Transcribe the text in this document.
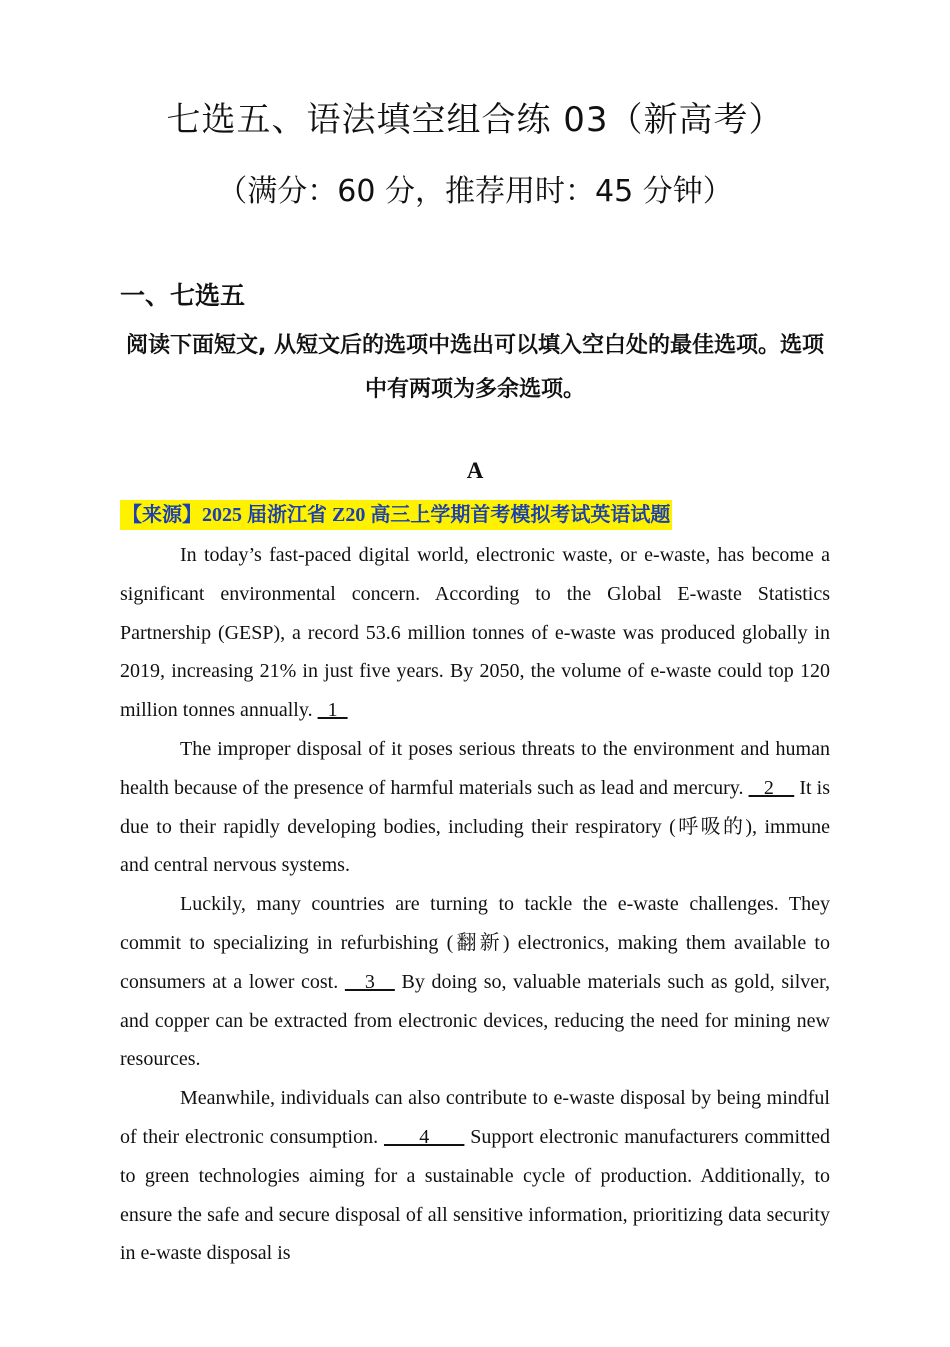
七选五、语法填空组合练 03（新高考）
（满分：60 分，推荐用时：45 分钟）
一、七选五
阅读下面短文, 从短文后的选项中选出可以填入空白处的最佳选项。选项中有两项为多余选项。
A
【来源】2025 届浙江省 Z20 高三上学期首考模拟考试英语试题

In today’s fast-paced digital world, electronic waste, or e-waste, has become a significant environmental concern. According to the Global E-waste Statistics Partnership (GESP), a record 53.6 million tonnes of e-waste was produced globally in 2019, increasing 21% in just five years. By 2050, the volume of e-waste could top 120 million tonnes annually.   1

The improper disposal of it poses serious threats to the environment and human health because of the presence of harmful materials such as lead and mercury.    2     It is due to their rapidly developing bodies, including their respiratory (呼吸的), immune and central nervous systems.

Luckily, many countries are turning to tackle the e-waste challenges. They commit to specializing in refurbishing (翻新) electronics, making them available to consumers at a lower cost.    3    By doing so, valuable materials such as gold, silver, and copper can be extracted from electronic devices, reducing the need for mining new resources.

Meanwhile, individuals can also contribute to e-waste disposal by being mindful of their electronic consumption.       4       Support electronic manufacturers committed to green technologies aiming for a sustainable cycle of production. Additionally, to ensure the safe and secure disposal of all sensitive information, prioritizing data security in e-waste disposal is
